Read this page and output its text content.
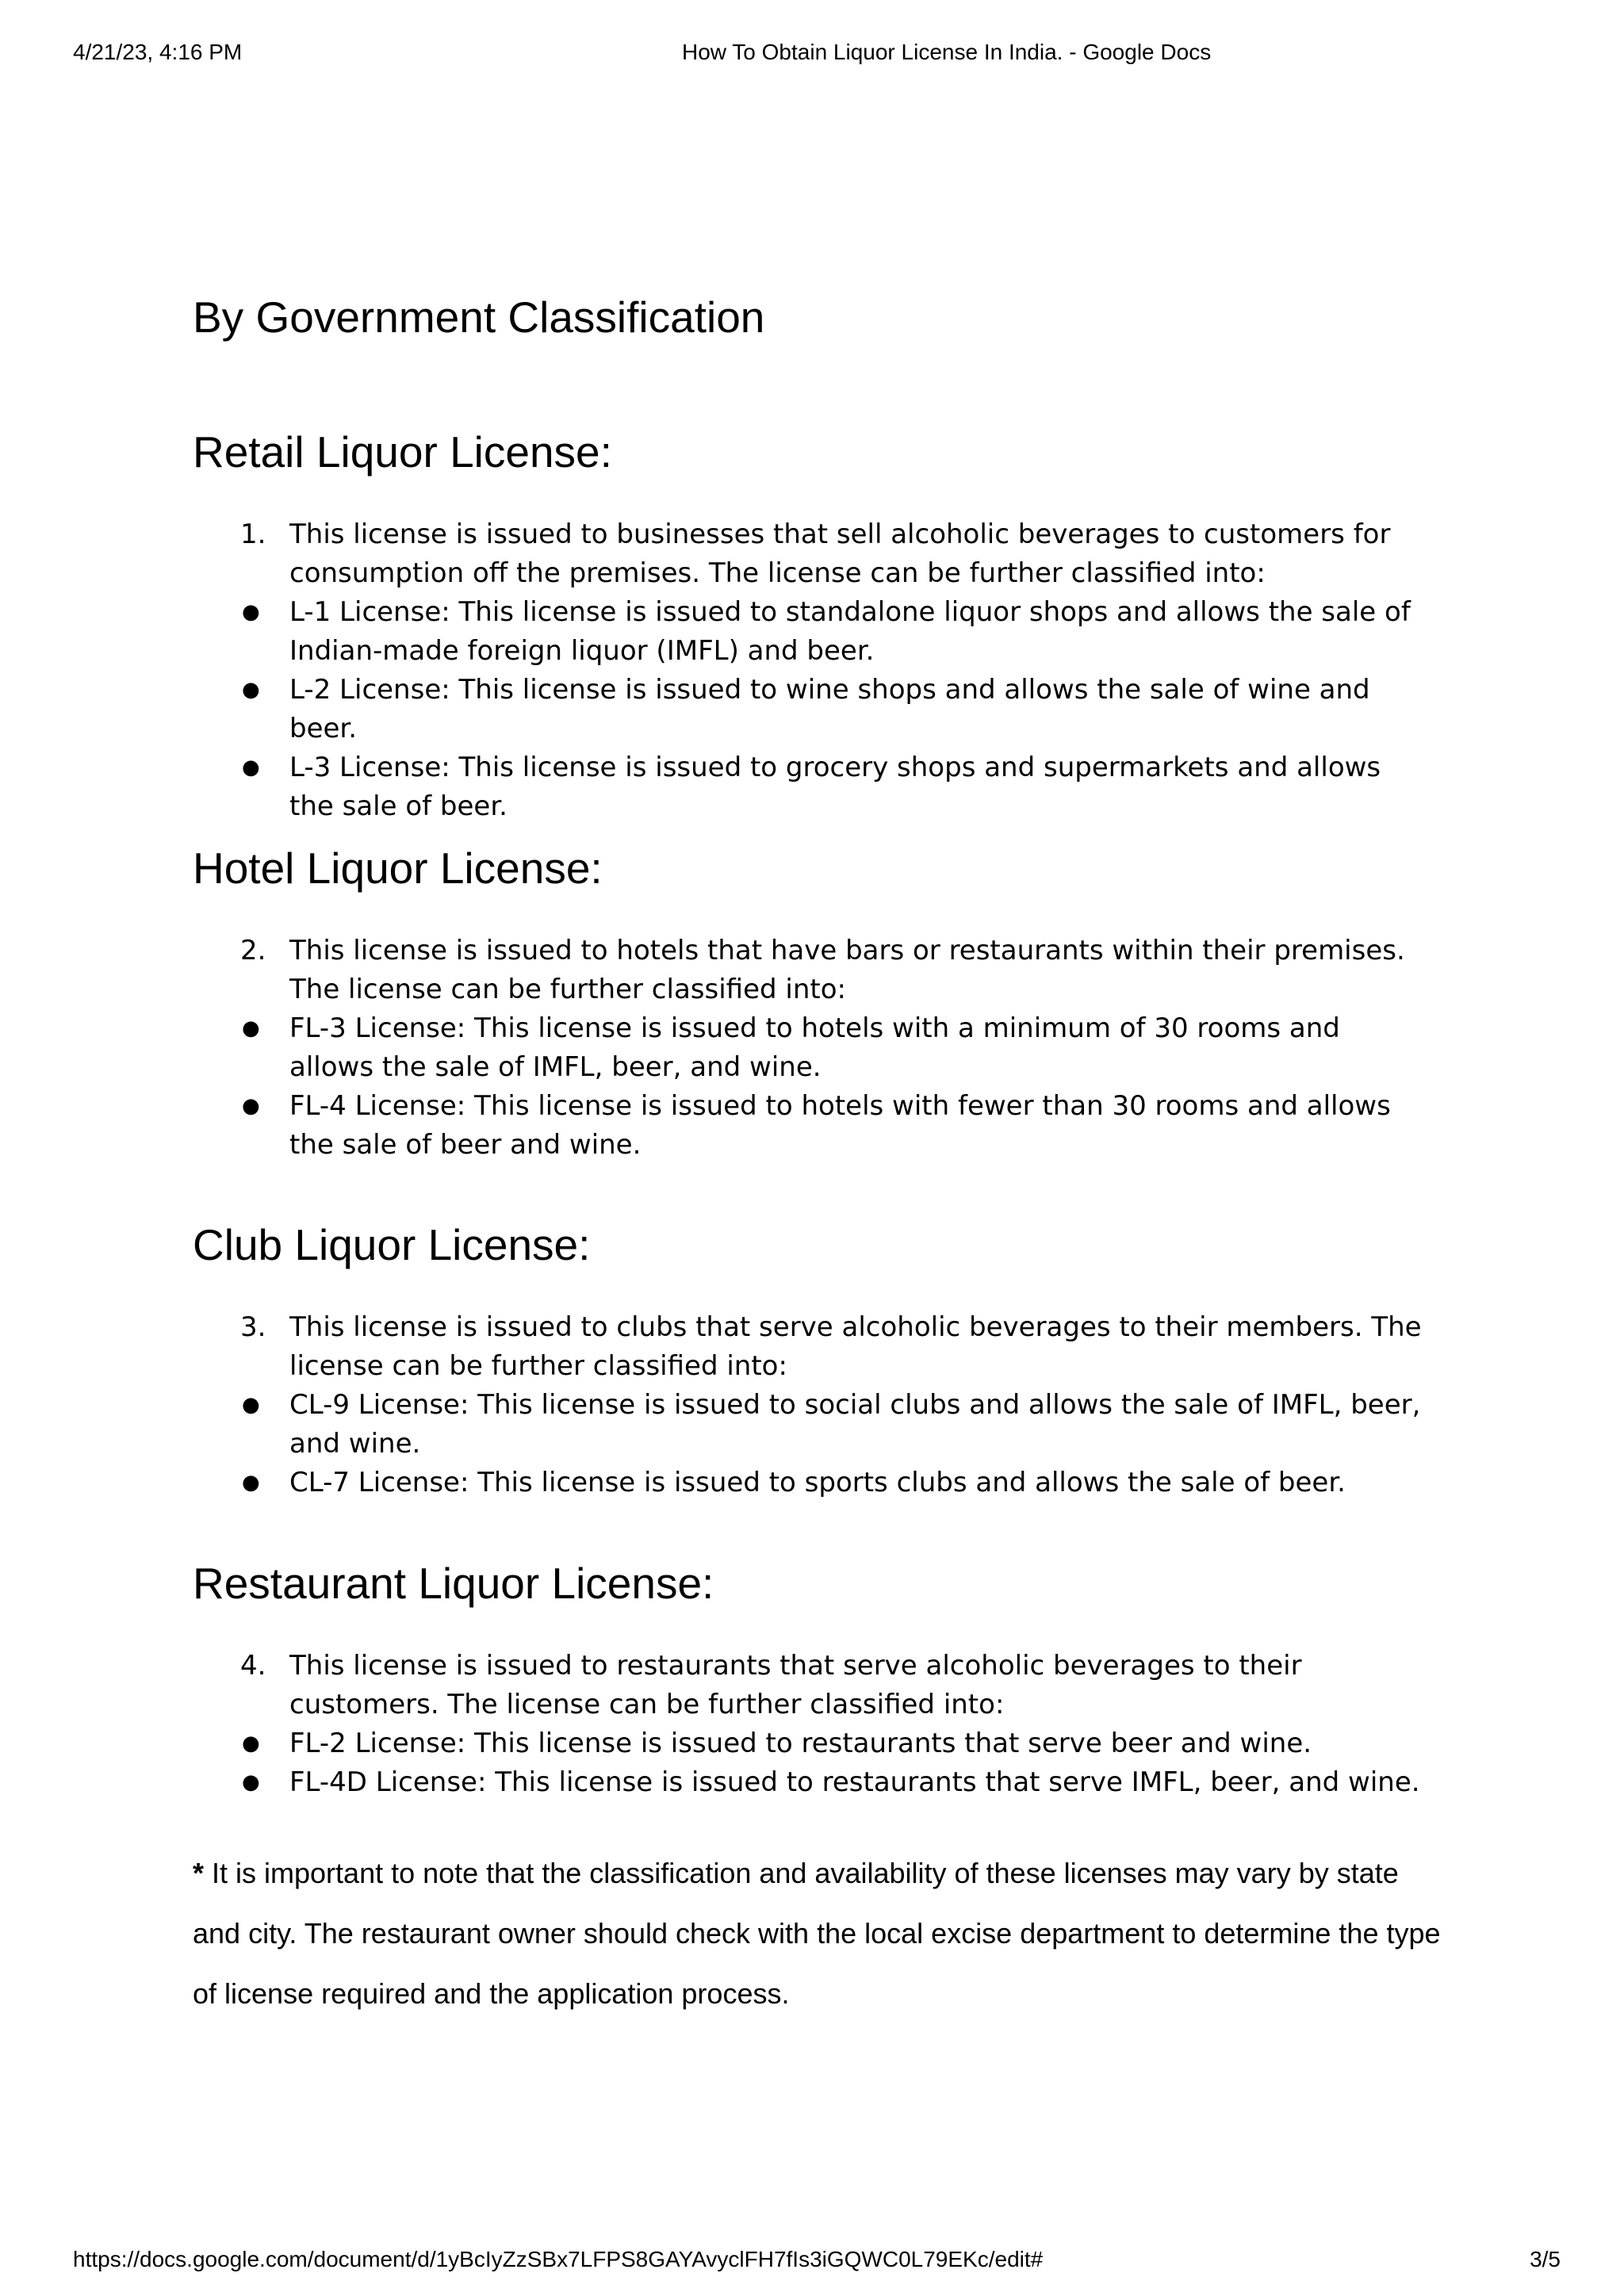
4/21/23, 4:16 PM	How To Obtain Liquor License In India. - Google Docs
By Government Classification
Retail Liquor License:
1. This license is issued to businesses that sell alcoholic beverages to customers for consumption off the premises. The license can be further classified into:
● L-1 License: This license is issued to standalone liquor shops and allows the sale of Indian-made foreign liquor (IMFL) and beer.
● L-2 License: This license is issued to wine shops and allows the sale of wine and beer.
● L-3 License: This license is issued to grocery shops and supermarkets and allows the sale of beer.
Hotel Liquor License:
2. This license is issued to hotels that have bars or restaurants within their premises. The license can be further classified into:
● FL-3 License: This license is issued to hotels with a minimum of 30 rooms and allows the sale of IMFL, beer, and wine.
● FL-4 License: This license is issued to hotels with fewer than 30 rooms and allows the sale of beer and wine.
Club Liquor License:
3. This license is issued to clubs that serve alcoholic beverages to their members. The license can be further classified into:
● CL-9 License: This license is issued to social clubs and allows the sale of IMFL, beer, and wine.
● CL-7 License: This license is issued to sports clubs and allows the sale of beer.
Restaurant Liquor License:
4. This license is issued to restaurants that serve alcoholic beverages to their customers. The license can be further classified into:
● FL-2 License: This license is issued to restaurants that serve beer and wine.
● FL-4D License: This license is issued to restaurants that serve IMFL, beer, and wine.
* It is important to note that the classification and availability of these licenses may vary by state and city. The restaurant owner should check with the local excise department to determine the type of license required and the application process.
https://docs.google.com/document/d/1yBcIyZzSBx7LFPS8GAYAvyclFH7fIs3iGQWC0L79EKc/edit#	3/5
